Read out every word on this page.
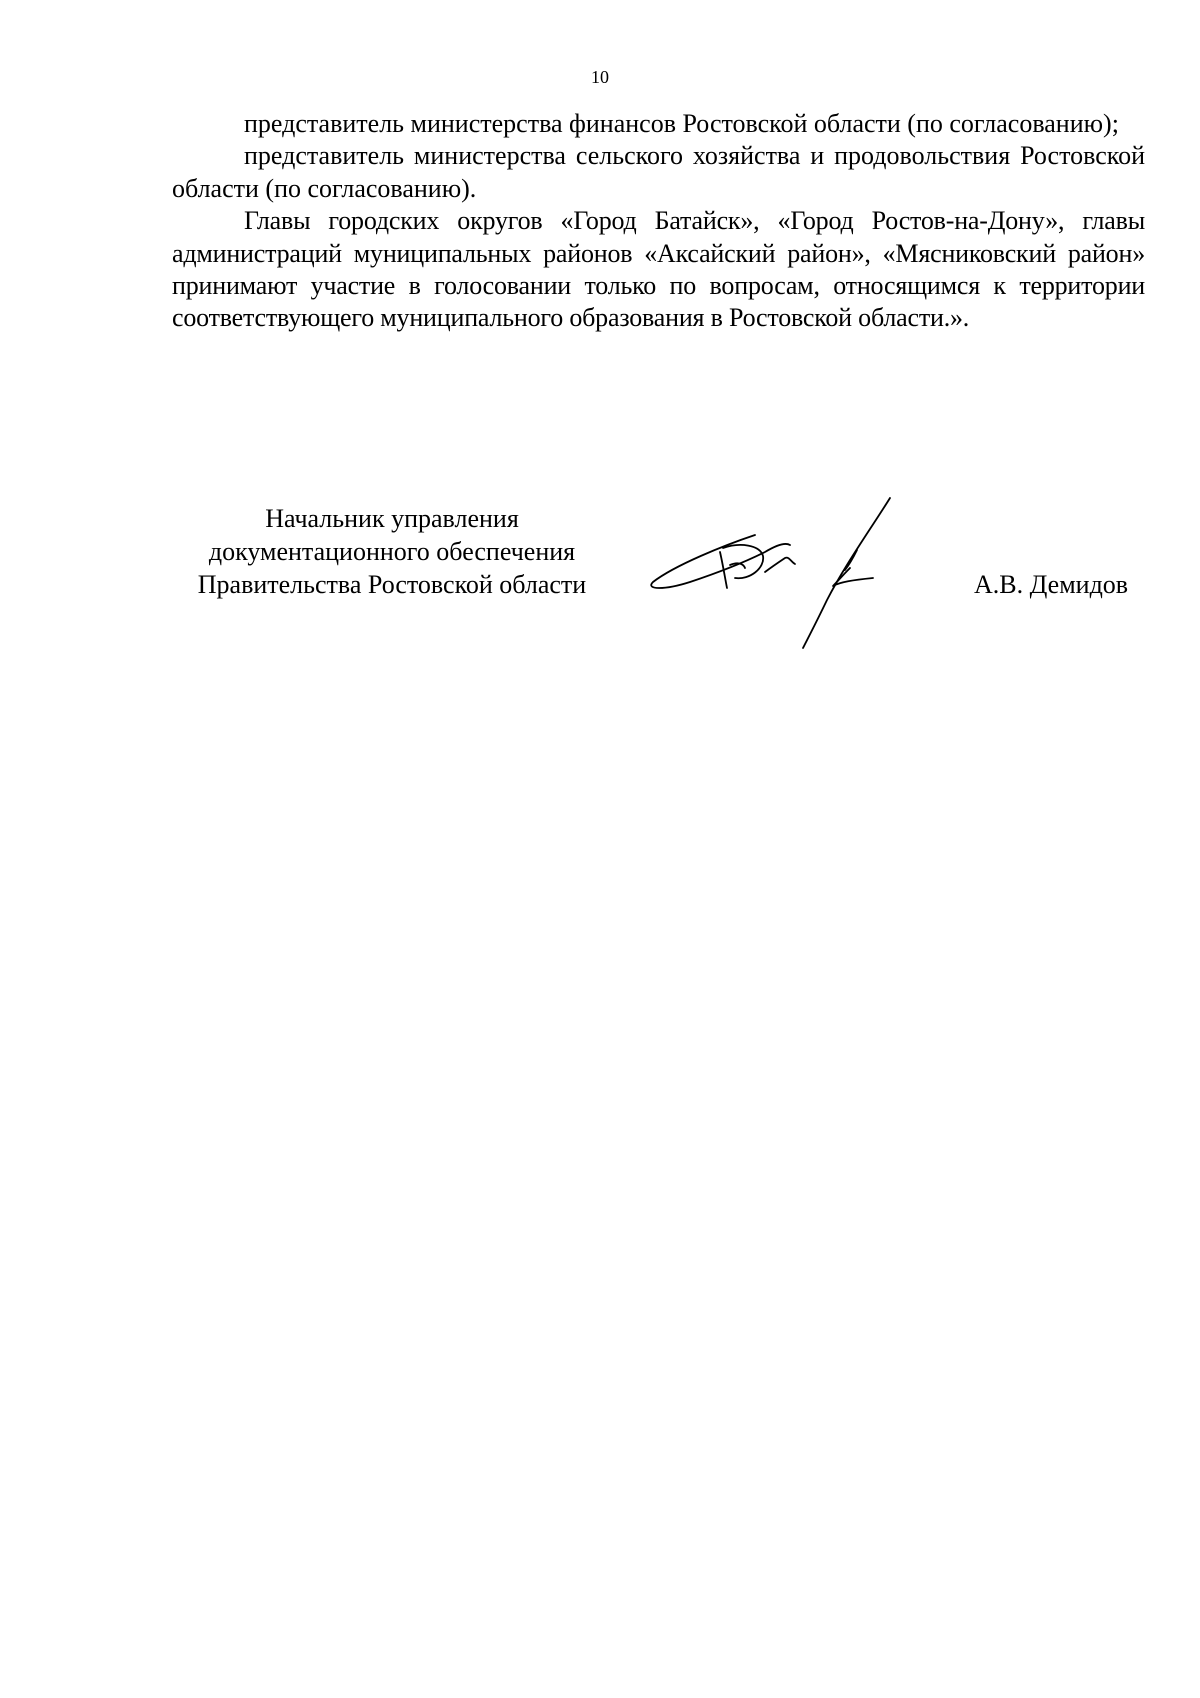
10

представитель министерства финансов Ростовской области (по согласованию);

представитель министерства сельского хозяйства и продовольствия Ростовской области (по согласованию).

Главы городских округов «Город Батайск», «Город Ростов-на-Дону», главы администраций муниципальных районов «Аксайский район», «Мясниковский район» принимают участие в голосовании только по вопросам, относящимся к территории соответствующего муниципального образования в Ростовской области.».

Начальник управления
документационного обеспечения
Правительства Ростовской области	А.В. Демидов
